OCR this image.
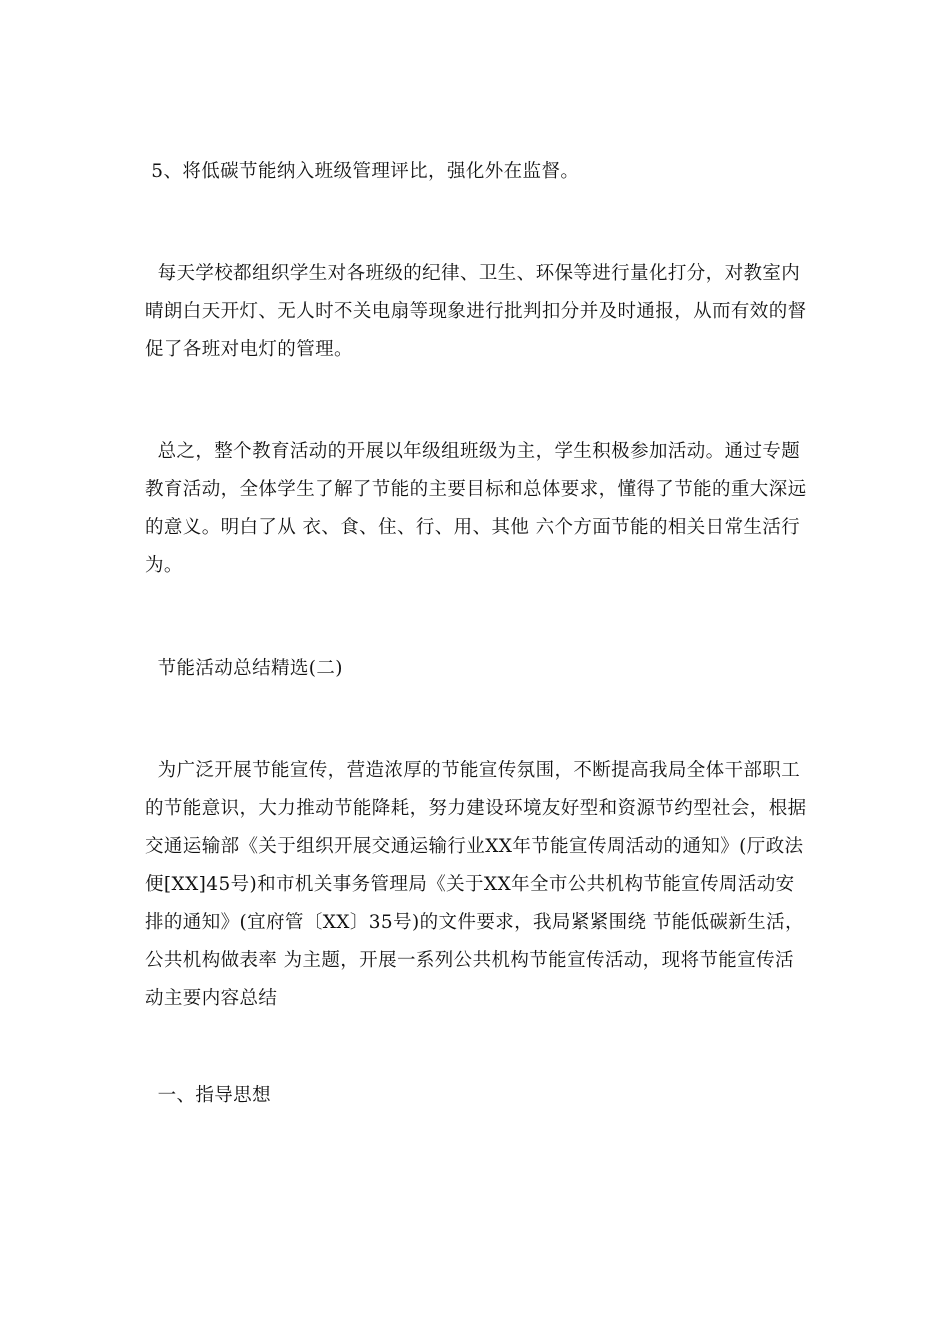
5、将低碳节能纳入班级管理评比，强化外在监督。

每天学校都组织学生对各班级的纪律、卫生、环保等进行量化打分，对教室内晴朗白天开灯、无人时不关电扇等现象进行批判扣分并及时通报，从而有效的督促了各班对电灯的管理。

总之，整个教育活动的开展以年级组班级为主，学生积极参加活动。通过专题教育活动，全体学生了解了节能的主要目标和总体要求，懂得了节能的重大深远的意义。明白了从 衣、食、住、行、用、其他 六个方面节能的相关日常生活行为。

节能活动总结精选(二)

为广泛开展节能宣传，营造浓厚的节能宣传氛围，不断提高我局全体干部职工的节能意识，大力推动节能降耗，努力建设环境友好型和资源节约型社会，根据交通运输部《关于组织开展交通运输行业XX年节能宣传周活动的通知》(厅政法便[XX]45号)和市机关事务管理局《关于XX年全市公共机构节能宣传周活动安排的通知》(宜府管〔XX〕35号)的文件要求，我局紧紧围绕 节能低碳新生活，公共机构做表率 为主题，开展一系列公共机构节能宣传活动，现将节能宣传活动主要内容总结

一、指导思想
